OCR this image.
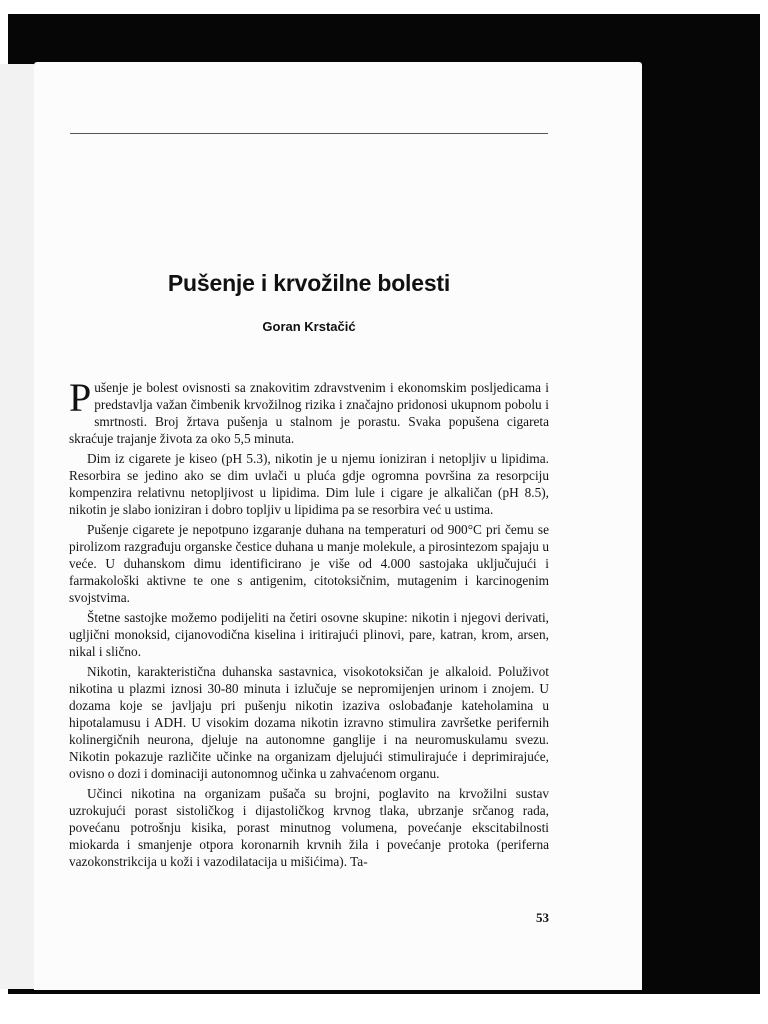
Pušenje i krvožilne bolesti
Goran Krstačić

Pušenje je bolest ovisnosti sa znakovitim zdravstvenim i ekonomskim posljedicama i predstavlja važan čimbenik krvožilnog rizika i značajno pridonosi ukupnom pobolu i smrtnosti. Broj žrtava pušenja u stalnom je porastu. Svaka popušena cigareta skraćuje trajanje života za oko 5,5 minuta.

Dim iz cigarete je kiseo (pH 5.3), nikotin je u njemu ioniziran i netopljiv u lipidima. Resorbira se jedino ako se dim uvlači u pluća gdje ogromna površina za resorpciju kompenzira relativnu netopljivost u lipidima. Dim lule i cigare je alkaličan (pH 8.5), nikotin je slabo ioniziran i dobro topljiv u lipidima pa se resorbira već u ustima.

Pušenje cigarete je nepotpuno izgaranje duhana na temperaturi od 900°C pri čemu se pirolizom razgrađuju organske čestice duhana u manje molekule, a pirosintezom spajaju u veće. U duhanskom dimu identificirano je više od 4.000 sastojaka uključujući i farmakološki aktivne te one s antigenim, citotoksičnim, mutagenim i karcinogenim svojstvima.

Štetne sastojke možemo podijeliti na četiri osovne skupine: nikotin i njegovi derivati, ugljični monoksid, cijanovodična kiselina i iritirajući plinovi, pare, katran, krom, arsen, nikal i slično.

Nikotin, karakteristična duhanska sastavnica, visokotoksičan je alkaloid. Poluživot nikotina u plazmi iznosi 30-80 minuta i izlučuje se nepromijenjen urinom i znojem. U dozama koje se javljaju pri pušenju nikotin izaziva oslobađanje kateholamina u hipotalamusu i ADH. U visokim dozama nikotin izravno stimulira završetke perifernih kolinergičnih neurona, djeluje na autonomne ganglije i na neuromuskulamu svezu. Nikotin pokazuje različite učinke na organizam djelujući stimulirajuće i deprimirajuće, ovisno o dozi i dominaciji autonomnog učinka u zahvaćenom organu.

Učinci nikotina na organizam pušača su brojni, poglavito na krvožilni sustav uzrokujući porast sistoličkog i dijastoličkog krvnog tlaka, ubrzanje srčanog rada, povećanu potrošnju kisika, porast minutnog volumena, povećanje ekscitabilnosti miokarda i smanjenje otpora koronarnih krvnih žila i povećanje protoka (periferna vazokonstrikcija u koži i vazodilatacija u mišićima). Ta-

53
